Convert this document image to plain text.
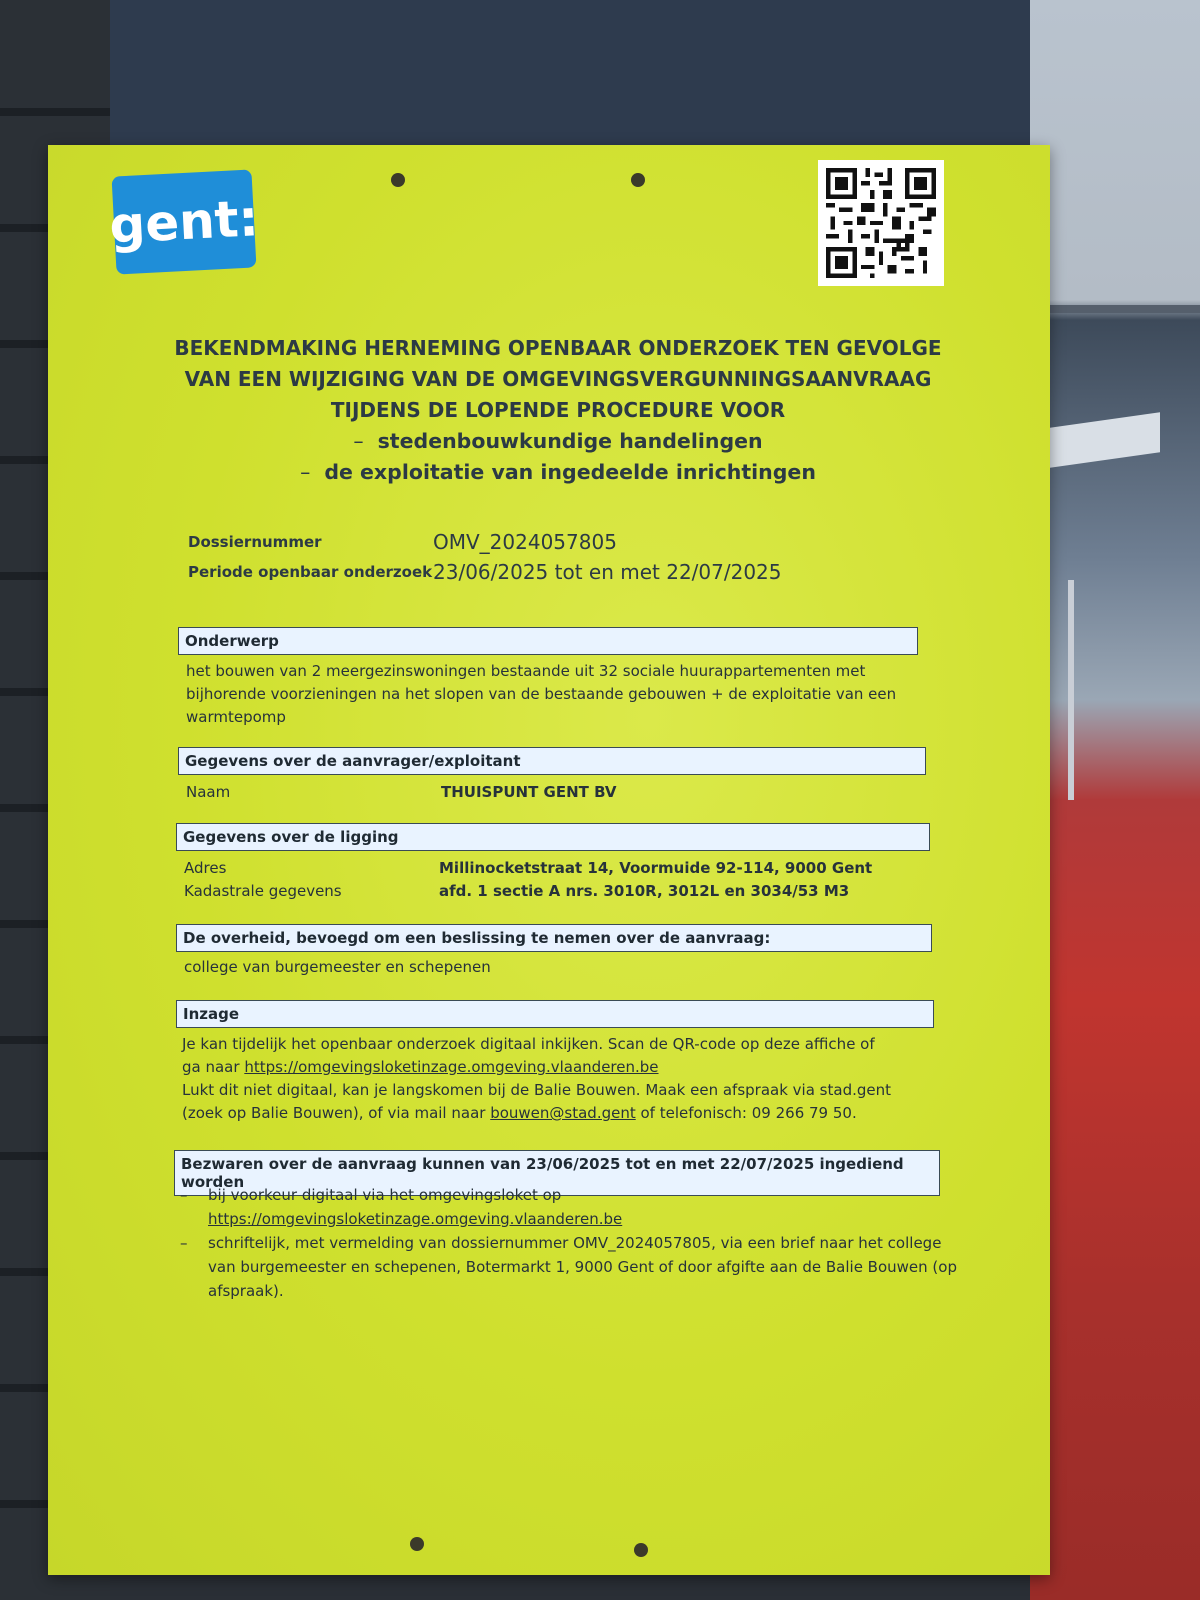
gent:
BEKENDMAKING HERNEMING OPENBAAR ONDERZOEK TEN GEVOLGE
VAN EEN WIJZIGING VAN DE OMGEVINGSVERGUNNINGSAANVRAAG
TIJDENS DE LOPENDE PROCEDURE VOOR
– stedenbouwkundige handelingen
– de exploitatie van ingedeelde inrichtingen
Dossiernummer	OMV_2024057805
Periode openbaar onderzoek 23/06/2025 tot en met 22/07/2025
Onderwerp
het bouwen van 2 meergezinswoningen bestaande uit 32 sociale huurappartementen met bijhorende voorzieningen na het slopen van de bestaande gebouwen + de exploitatie van een warmtepomp
Gegevens over de aanvrager/exploitant
Naam	THUISPUNT GENT BV
Gegevens over de ligging
Adres	Millinocketstraat 14, Voormuide 92-114, 9000 Gent
Kadastrale gegevens	afd. 1 sectie A nrs. 3010R, 3012L en 3034/53 M3
De overheid, bevoegd om een beslissing te nemen over de aanvraag:
college van burgemeester en schepenen
Inzage
Je kan tijdelijk het openbaar onderzoek digitaal inkijken. Scan de QR-code op deze affiche of
ga naar https://omgevingsloketinzage.omgeving.vlaanderen.be
Lukt dit niet digitaal, kan je langskomen bij de Balie Bouwen. Maak een afspraak via stad.gent
(zoek op Balie Bouwen), of via mail naar bouwen@stad.gent of telefonisch: 09 266 79 50.
Bezwaren over de aanvraag kunnen van 23/06/2025 tot en met 22/07/2025 ingediend worden
–	bij voorkeur digitaal via het omgevingsloket op
https://omgevingsloketinzage.omgeving.vlaanderen.be
–	schriftelijk, met vermelding van dossiernummer OMV_2024057805, via een brief naar het college van burgemeester en schepenen, Botermarkt 1, 9000 Gent of door afgifte aan de Balie Bouwen (op afspraak).
